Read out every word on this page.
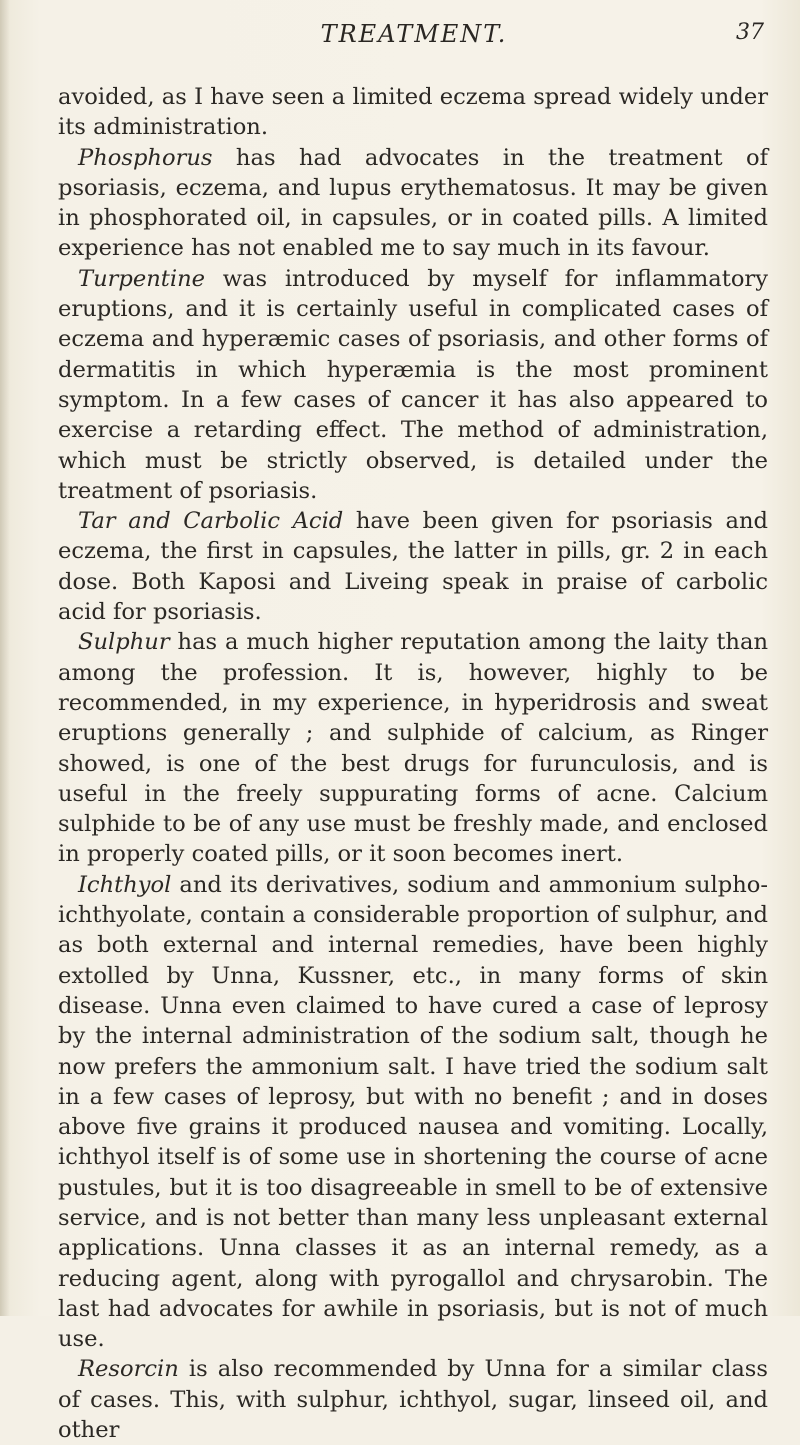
TREATMENT.	37

avoided, as I have seen a limited eczema spread widely under its administration.

Phosphorus has had advocates in the treatment of psoriasis, eczema, and lupus erythematosus. It may be given in phosphorated oil, in capsules, or in coated pills. A limited experience has not enabled me to say much in its favour.

Turpentine was introduced by myself for inflammatory eruptions, and it is certainly useful in complicated cases of eczema and hyperæmic cases of psoriasis, and other forms of dermatitis in which hyperæmia is the most prominent symptom. In a few cases of cancer it has also appeared to exercise a retarding effect. The method of administration, which must be strictly observed, is detailed under the treatment of psoriasis.

Tar and Carbolic Acid have been given for psoriasis and eczema, the first in capsules, the latter in pills, gr. 2 in each dose. Both Kaposi and Liveing speak in praise of carbolic acid for psoriasis.

Sulphur has a much higher reputation among the laity than among the profession. It is, however, highly to be recommended, in my experience, in hyperidrosis and sweat eruptions generally ; and sulphide of calcium, as Ringer showed, is one of the best drugs for furunculosis, and is useful in the freely suppurating forms of acne. Calcium sulphide to be of any use must be freshly made, and enclosed in properly coated pills, or it soon becomes inert.

Ichthyol and its derivatives, sodium and ammonium sulpho-ichthyolate, contain a considerable proportion of sulphur, and as both external and internal remedies, have been highly extolled by Unna, Kussner, etc., in many forms of skin disease. Unna even claimed to have cured a case of leprosy by the internal administration of the sodium salt, though he now prefers the ammonium salt. I have tried the sodium salt in a few cases of leprosy, but with no benefit ; and in doses above five grains it produced nausea and vomiting. Locally, ichthyol itself is of some use in shortening the course of acne pustules, but it is too disagreeable in smell to be of extensive service, and is not better than many less unpleasant external applications. Unna classes it as an internal remedy, as a reducing agent, along with pyrogallol and chrysarobin. The last had advocates for awhile in psoriasis, but is not of much use.

Resorcin is also recommended by Unna for a similar class of cases. This, with sulphur, ichthyol, sugar, linseed oil, and other
